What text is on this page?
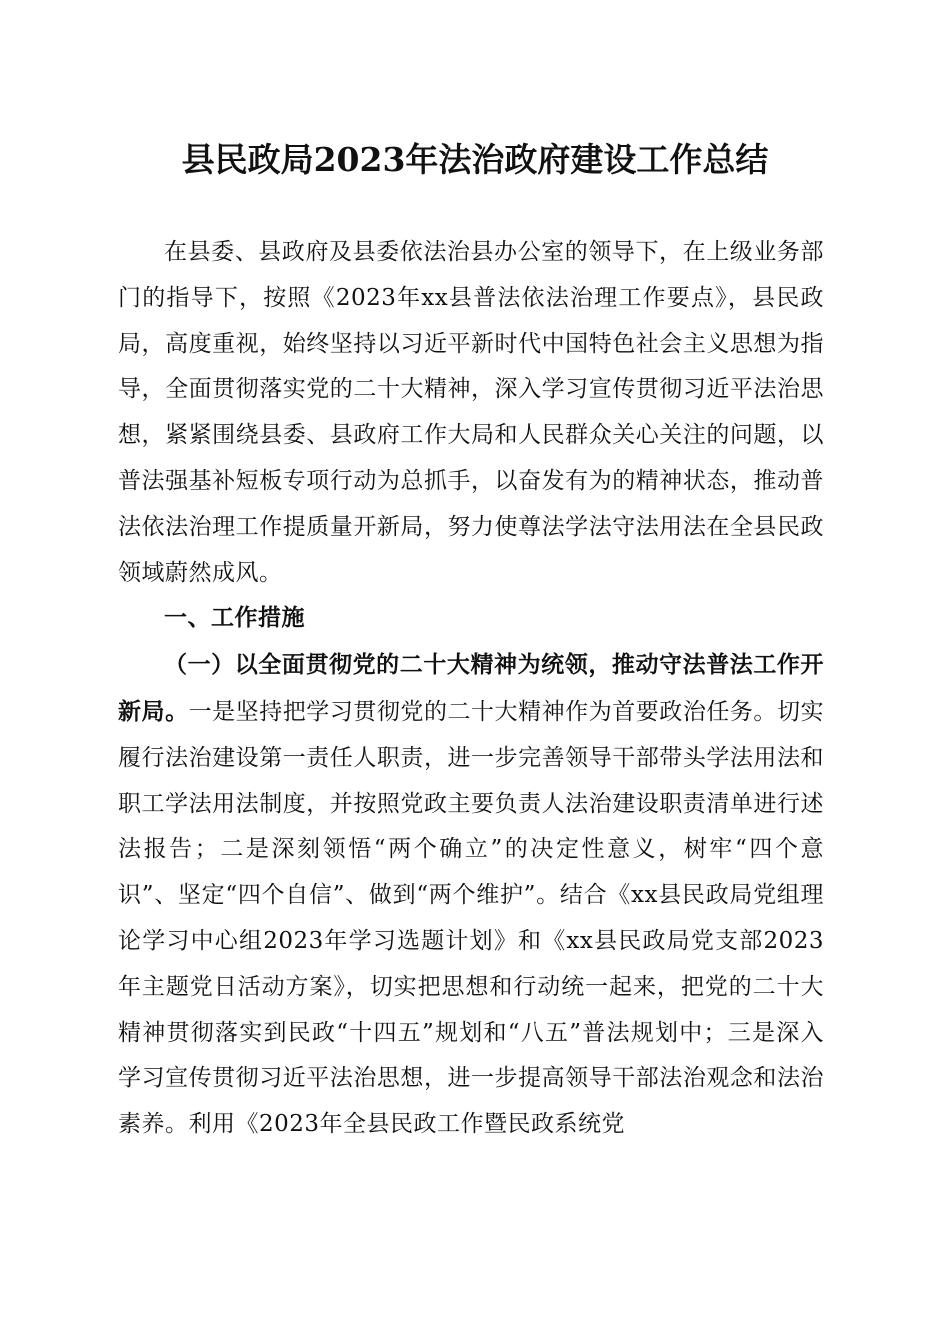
县民政局2023年法治政府建设工作总结

在县委、县政府及县委依法治县办公室的领导下，在上级业务部门的指导下，按照《2023年xx县普法依法治理工作要点》，县民政局，高度重视，始终坚持以习近平新时代中国特色社会主义思想为指导，全面贯彻落实党的二十大精神，深入学习宣传贯彻习近平法治思想，紧紧围绕县委、县政府工作大局和人民群众关心关注的问题，以普法强基补短板专项行动为总抓手，以奋发有为的精神状态，推动普法依法治理工作提质量开新局，努力使尊法学法守法用法在全县民政领域蔚然成风。

一、工作措施

（一）以全面贯彻党的二十大精神为统领，推动守法普法工作开新局。一是坚持把学习贯彻党的二十大精神作为首要政治任务。切实履行法治建设第一责任人职责，进一步完善领导干部带头学法用法和职工学法用法制度，并按照党政主要负责人法治建设职责清单进行述法报告；二是深刻领悟“两个确立”的决定性意义，树牢“四个意识”、坚定“四个自信”、做到“两个维护”。结合《xx县民政局党组理论学习中心组2023年学习选题计划》和《xx县民政局党支部2023年主题党日活动方案》，切实把思想和行动统一起来，把党的二十大精神贯彻落实到民政“十四五”规划和“八五”普法规划中；三是深入学习宣传贯彻习近平法治思想，进一步提高领导干部法治观念和法治素养。利用《2023年全县民政工作暨民政系统党
